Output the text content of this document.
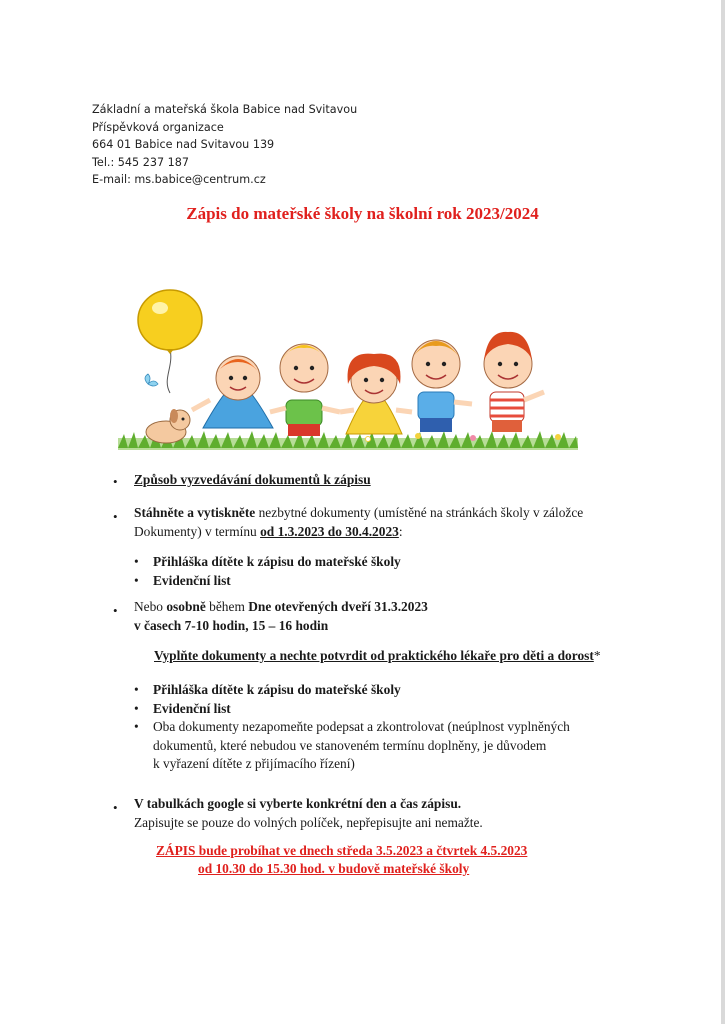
Základní a mateřská škola Babice nad Svitavou
Příspěvková organizace
664 01 Babice nad Svitavou 139
Tel.: 545 237 187
E-mail: ms.babice@centrum.cz
Zápis do mateřské školy na školní rok 2023/2024
• Způsob vyzvedávání dokumentů k zápisu
• Stáhněte a vytiskněte nezbytné dokumenty (umístěné na stránkách školy v záložce
Dokumenty) v termínu od 1.3.2023 do 30.4.2023:
• Přihláška dítěte k zápisu do mateřské školy
• Evidenční list
• Nebo osobně během Dne otevřených dveří 31.3.2023
v časech 7-10 hodin, 15 – 16 hodin
Vyplňte dokumenty a nechte potvrdit od praktického lékaře pro děti a dorost*
• Přihláška dítěte k zápisu do mateřské školy
• Evidenční list
• Oba dokumenty nezapomeňte podepsat a zkontrolovat (neúplnost vyplněných
dokumentů, které nebudou ve stanoveném termínu doplněny, je důvodem
k vyřazení dítěte z přijímacího řízení)
• V tabulkách google si vyberte konkrétní den a čas zápisu.
Zapisujte se pouze do volných políček, nepřepisujte ani nemažte.
ZÁPIS bude probíhat ve dnech středa 3.5.2023 a čtvrtek 4.5.2023
od 10.30 do 15.30 hod. v budově mateřské školy
